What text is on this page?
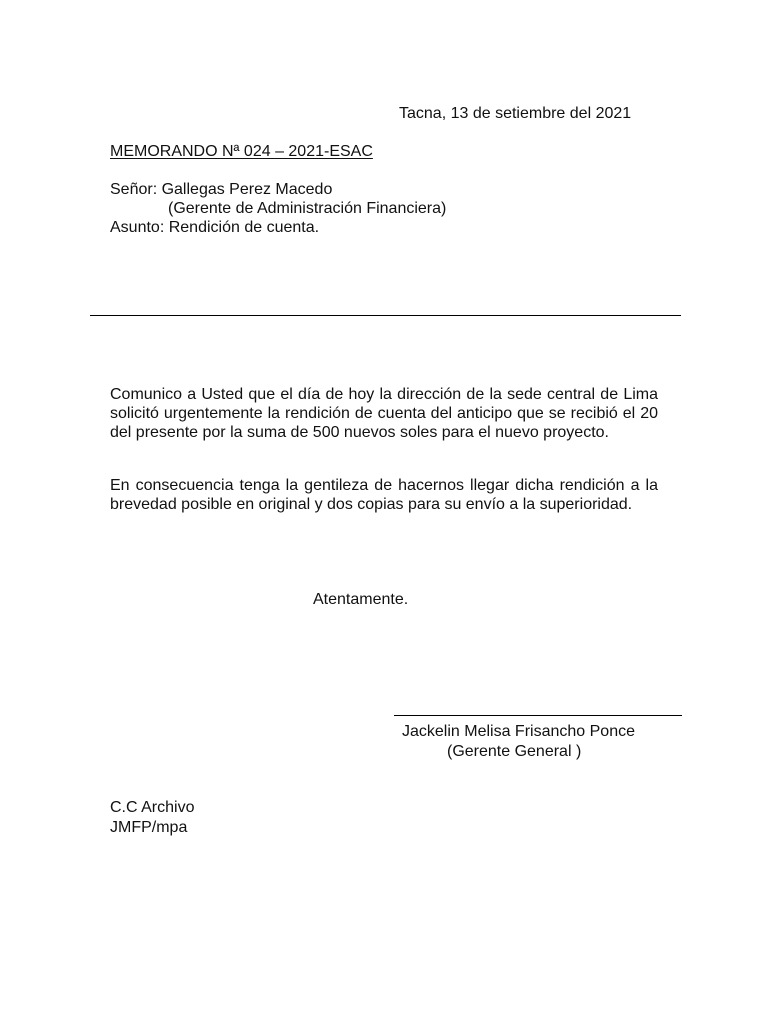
Tacna, 13 de setiembre del 2021
MEMORANDO Nª 024 – 2021-ESAC
Señor: Gallegas Perez Macedo
(Gerente de Administración Financiera)
Asunto: Rendición de cuenta.

Comunico a Usted que el día de hoy la dirección de la sede central de Lima solicitó urgentemente la rendición de cuenta del anticipo que se recibió el 20 del presente por la suma de 500 nuevos soles para el nuevo proyecto.

En consecuencia tenga la gentileza de hacernos llegar dicha rendición a la brevedad posible en original y dos copias para su envío a la superioridad.

Atentamente.
Jackelin Melisa Frisancho Ponce
(Gerente General )
C.C Archivo
JMFP/mpa
